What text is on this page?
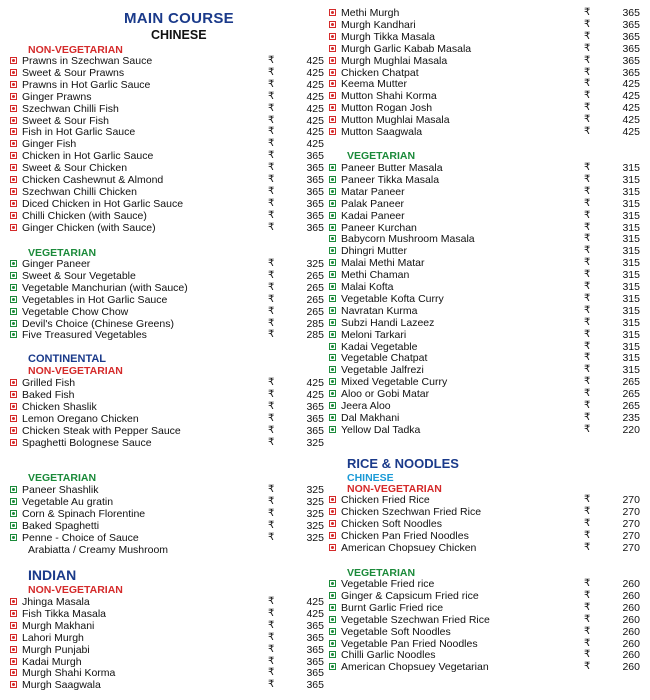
MAIN COURSE
CHINESE
NON-VEGETARIAN
Prawns in Szechwan Sauce	₹	425
Sweet & Sour Prawns	₹	425
Prawns in Hot Garlic Sauce	₹	425
Ginger Prawns	₹	425
Szechwan Chilli Fish	₹	425
Sweet & Sour Fish	₹	425
Fish in Hot Garlic Sauce	₹	425
Ginger Fish	₹	425
Chicken in Hot Garlic Sauce	₹	365
Sweet & Sour Chicken	₹	365
Chicken Cashewnut & Almond	₹	365
Szechwan Chilli Chicken	₹	365
Diced Chicken in Hot Garlic Sauce	₹	365
Chilli Chicken (with Sauce)	₹	365
Ginger Chicken (with Sauce)	₹	365
VEGETARIAN
Ginger Paneer	₹	325
Sweet & Sour Vegetable	₹	265
Vegetable Manchurian (with Sauce)	₹	265
Vegetables in Hot Garlic Sauce	₹	265
Vegetable Chow Chow	₹	265
Devil's Choice (Chinese Greens)	₹	285
Five Treasured Vegetables	₹	285
CONTINENTAL
NON-VEGETARIAN
Grilled Fish	₹	425
Baked Fish	₹	425
Chicken Shaslik	₹	365
Lemon Oregano Chicken	₹	365
Chicken Steak with Pepper Sauce	₹	365
Spaghetti Bolognese Sauce	₹	325
VEGETARIAN
Paneer Shashlik	₹	325
Vegetable Au gratin	₹	325
Corn & Spinach Florentine	₹	325
Baked Spaghetti	₹	325
Penne - Choice of Sauce	₹	325
Arabiatta / Creamy Mushroom
INDIAN
NON-VEGETARIAN
Jhinga Masala	₹	425
Fish Tikka Masala	₹	425
Murgh Makhani	₹	365
Lahori Murgh	₹	365
Murgh Punjabi	₹	365
Kadai Murgh	₹	365
Murgh Shahi Korma	₹	365
Murgh Saagwala	₹	365
Methi Murgh	₹	365
Murgh Kandhari	₹	365
Murgh Tikka Masala	₹	365
Murgh Garlic Kabab Masala	₹	365
Murgh Mughlai Masala	₹	365
Chicken Chatpat	₹	365
Keema Mutter	₹	425
Mutton Shahi Korma	₹	425
Mutton Rogan Josh	₹	425
Mutton Mughlai Masala	₹	425
Mutton Saagwala	₹	425
VEGETARIAN
Paneer Butter Masala	₹	315
Paneer Tikka Masala	₹	315
Matar Paneer	₹	315
Palak Paneer	₹	315
Kadai Paneer	₹	315
Paneer Kurchan	₹	315
Babycorn Mushroom Masala	₹	315
Dhingri Mutter	₹	315
Malai Methi Matar	₹	315
Methi Chaman	₹	315
Malai Kofta	₹	315
Vegetable Kofta Curry	₹	315
Navratan Kurma	₹	315
Subzi Handi Lazeez	₹	315
Meloni Tarkari	₹	315
Kadai Vegetable	₹	315
Vegetable Chatpat	₹	315
Vegetable Jalfrezi	₹	315
Mixed Vegetable Curry	₹	265
Aloo or Gobi Matar	₹	265
Jeera Aloo	₹	265
Dal Makhani	₹	235
Yellow Dal Tadka	₹	220
RICE & NOODLES
CHINESE
NON-VEGETARIAN
Chicken Fried Rice	₹	270
Chicken Szechwan Fried Rice	₹	270
Chicken Soft Noodles	₹	270
Chicken Pan Fried Noodles	₹	270
American Chopsuey Chicken	₹	270
VEGETARIAN
Vegetable Fried rice	₹	260
Ginger & Capsicum Fried rice	₹	260
Burnt Garlic Fried rice	₹	260
Vegetable Szechwan Fried Rice	₹	260
Vegetable Soft Noodles	₹	260
Vegetable Pan Fried Noodles	₹	260
Chilli Garlic Noodles	₹	260
American Chopsuey Vegetarian	₹	260
